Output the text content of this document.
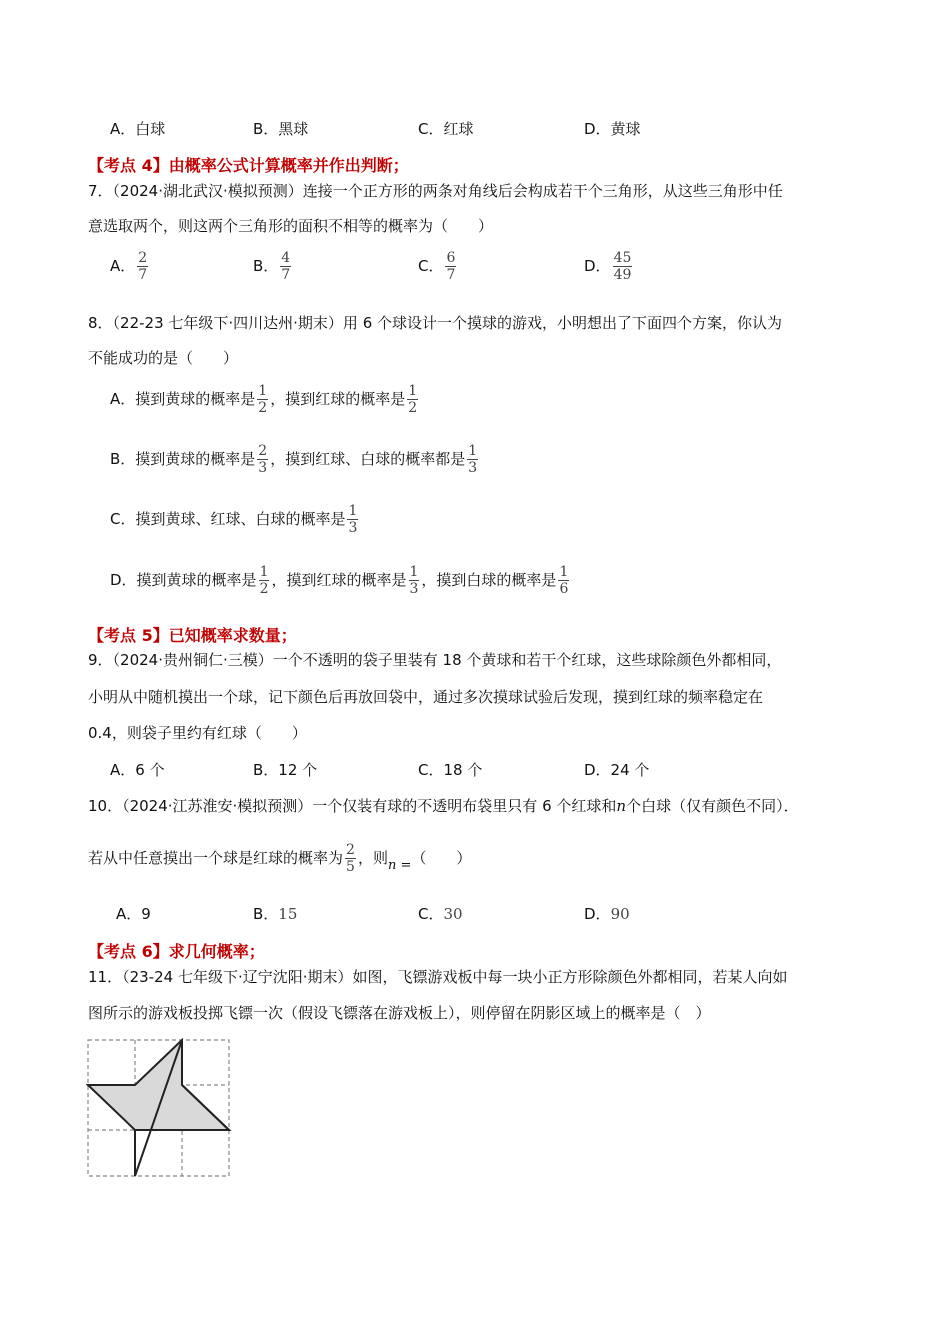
A．白球	B．黑球	C．红球	D．黄球
【考点 4】由概率公式计算概率并作出判断；
7．（2024·湖北武汉·模拟预测）连接一个正方形的两条对角线后会构成若干个三角形，从这些三角形中任
意选取两个，则这两个三角形的面积不相等的概率为（　　）
A． $\frac{2}{7}$	B． $\frac{4}{7}$	C． $\frac{6}{7}$	D． $\frac{45}{49}$
8．（22-23 七年级下·四川达州·期末）用 6 个球设计一个摸球的游戏，小明想出了下面四个方案，你认为
不能成功的是（　　）
A．摸到黄球的概率是 $\frac{1}{2}$ ，摸到红球的概率是 $\frac{1}{2}$
B．摸到黄球的概率是 $\frac{2}{3}$ ，摸到红球、白球的概率都是 $\frac{1}{3}$
C．摸到黄球、红球、白球的概率是 $\frac{1}{3}$
D．摸到黄球的概率是 $\frac{1}{2}$ ，摸到红球的概率是 $\frac{1}{3}$ ，摸到白球的概率是 $\frac{1}{6}$
【考点 5】已知概率求数量；
9．（2024·贵州铜仁·三模）一个不透明的袋子里装有 18 个黄球和若干个红球，这些球除颜色外都相同，
小明从中随机摸出一个球，记下颜色后再放回袋中，通过多次摸球试验后发现，摸到红球的频率稳定在
0.4，则袋子里约有红球（　　）
A．6 个	B．12 个	C．18 个	D．24 个
10．（2024·江苏淮安·模拟预测）一个仅装有球的不透明布袋里只有 6 个红球和n个白球（仅有颜色不同）．
若从中任意摸出一个球是红球的概率为 $\frac{2}{5}$ ，则n =（　　）
A．9	B．15	C．30	D．90
【考点 6】求几何概率；
11．（23-24 七年级下·辽宁沈阳·期末）如图，飞镖游戏板中每一块小正方形除颜色外都相同，若某人向如
图所示的游戏板投掷飞镖一次（假设飞镖落在游戏板上），则停留在阴影区域上的概率是（　）
